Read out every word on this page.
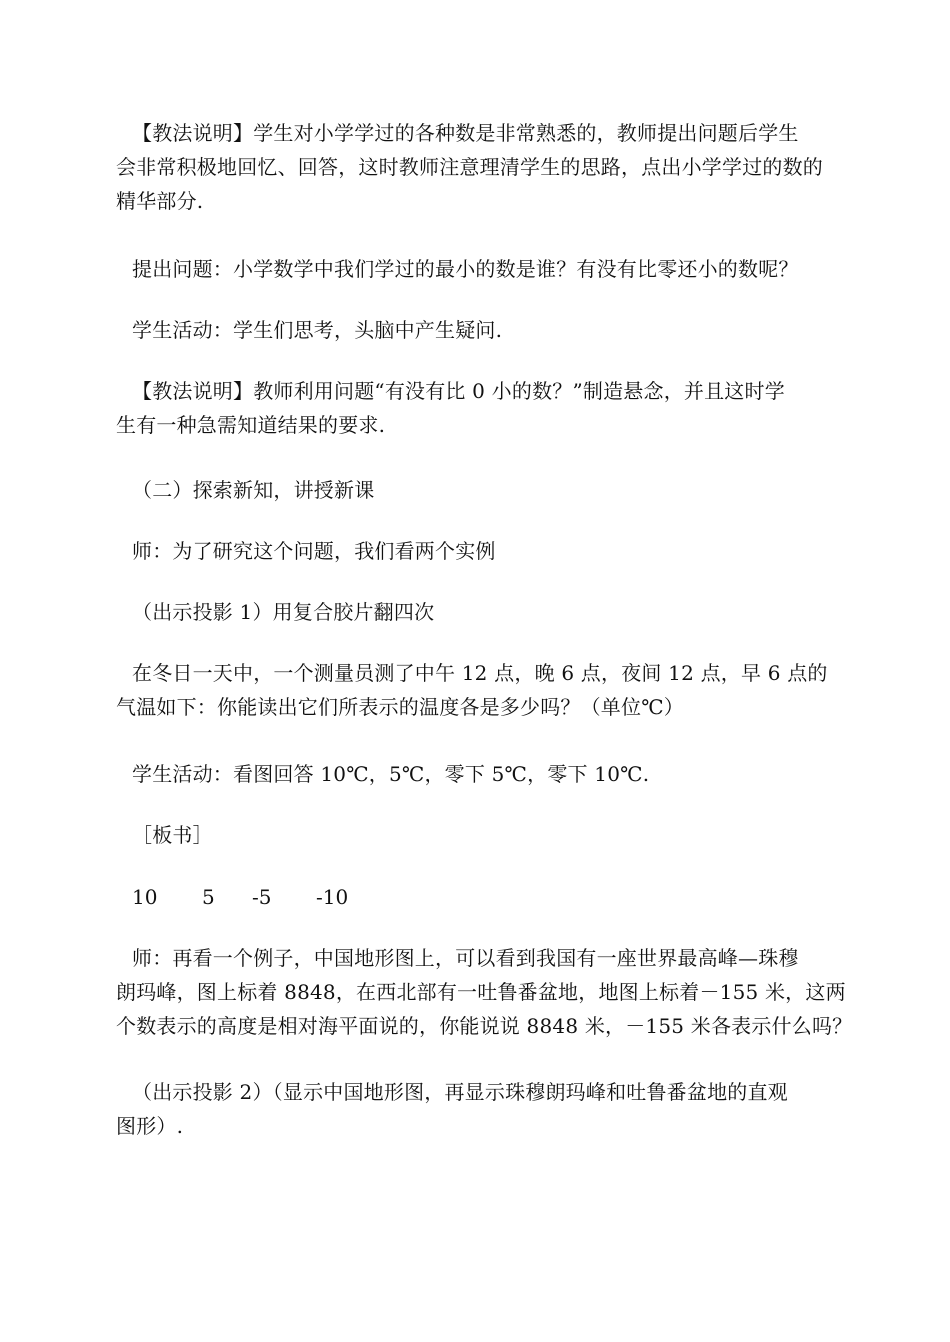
【教法说明】学生对小学学过的各种数是非常熟悉的，教师提出问题后学生
会非常积极地回忆、回答，这时教师注意理清学生的思路，点出小学学过的数的
精华部分.

提出问题：小学数学中我们学过的最小的数是谁？有没有比零还小的数呢？

学生活动：学生们思考，头脑中产生疑问.

【教法说明】教师利用问题“有没有比 0 小的数？”制造悬念，并且这时学
生有一种急需知道结果的要求.

（二）探索新知，讲授新课

师：为了研究这个问题，我们看两个实例

（出示投影 1）用复合胶片翻四次

在冬日一天中，一个测量员测了中午 12 点，晚 6 点，夜间 12 点，早 6 点的
气温如下：你能读出它们所表示的温度各是多少吗？（单位℃）

学生活动：看图回答 10℃，5℃，零下 5℃，零下 10℃.

［板书］

10	5	-5	-10

师：再看一个例子，中国地形图上，可以看到我国有一座世界最高峰—珠穆
朗玛峰，图上标着 8848，在西北部有一吐鲁番盆地，地图上标着－155 米，这两
个数表示的高度是相对海平面说的，你能说说 8848 米，－155 米各表示什么吗？

（出示投影 2）（显示中国地形图，再显示珠穆朗玛峰和吐鲁番盆地的直观
图形）.
